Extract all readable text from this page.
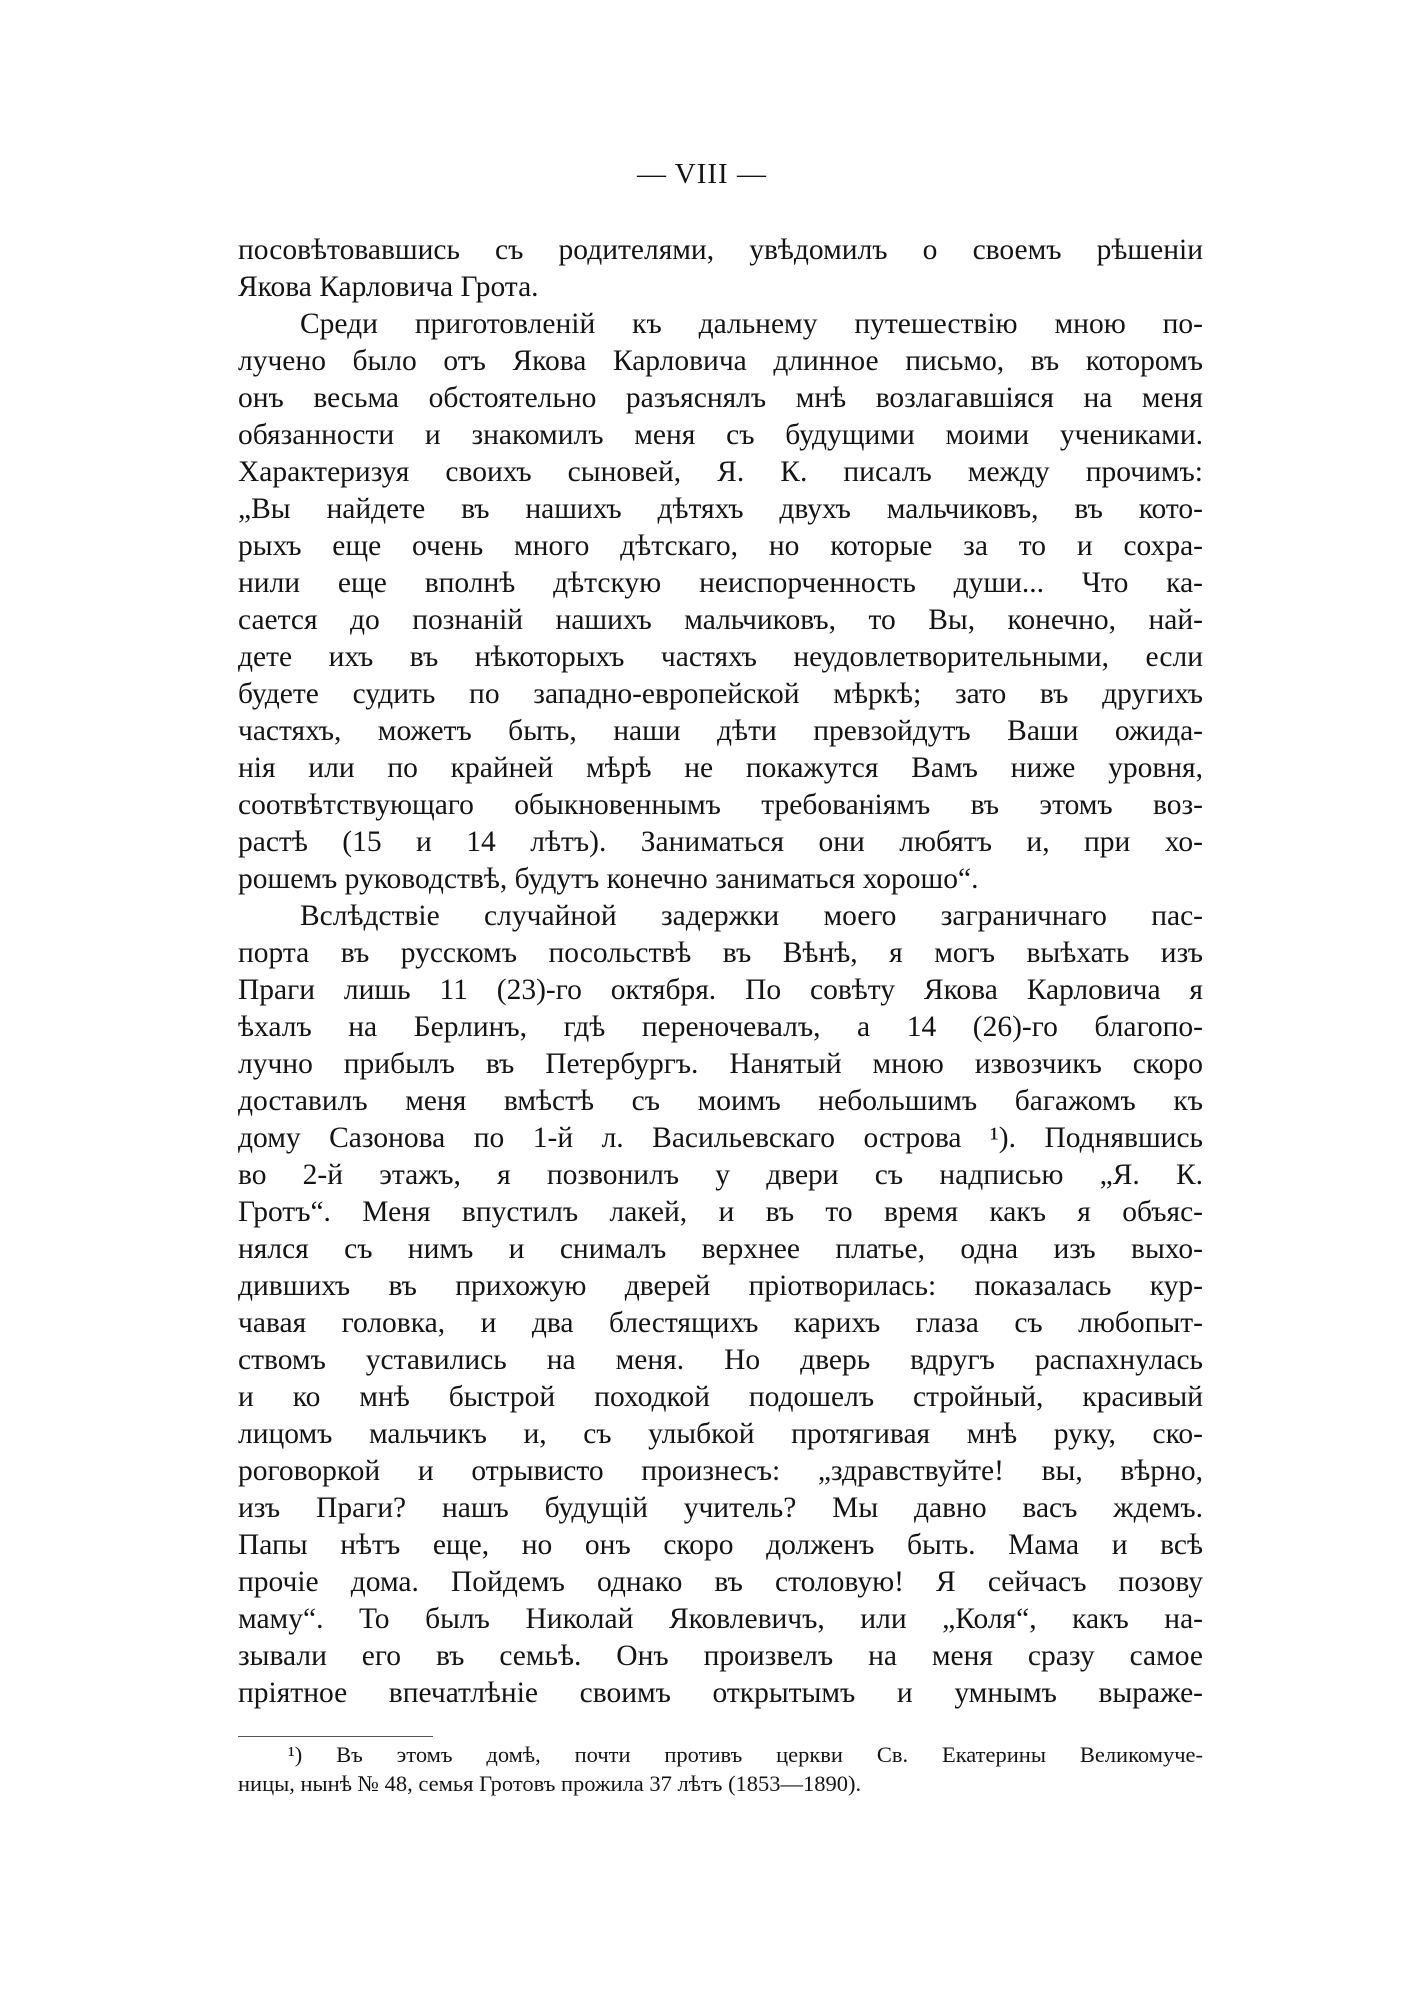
— VIII —
посовѣтовавшись съ родителями, увѣдомилъ о своемъ рѣшеніи
Якова Карловича Грота.
Среди приготовленій къ дальнему путешествію мною по-
лучено было отъ Якова Карловича длинное письмо, въ которомъ
онъ весьма обстоятельно разъяснялъ мнѣ возлагавшіяся на меня
обязанности и знакомилъ меня съ будущими моими учениками.
Характеризуя своихъ сыновей, Я. К. писалъ между прочимъ:
„Вы найдете въ нашихъ дѣтяхъ двухъ мальчиковъ, въ кото-
рыхъ еще очень много дѣтскаго, но которые за то и сохра-
нили еще вполнѣ дѣтскую неиспорченность души... Что ка-
сается до познаній нашихъ мальчиковъ, то Вы, конечно, най-
дете ихъ въ нѣкоторыхъ частяхъ неудовлетворительными, если
будете судить по западно-европейской мѣркѣ; зато въ другихъ
частяхъ, можетъ быть, наши дѣти превзойдутъ Ваши ожида-
нія или по крайней мѣрѣ не покажутся Вамъ ниже уровня,
соотвѣтствующаго обыкновеннымъ требованіямъ въ этомъ воз-
растѣ (15 и 14 лѣтъ). Заниматься они любятъ и, при хо-
рошемъ руководствѣ, будутъ конечно заниматься хорошо“.
Вслѣдствіе случайной задержки моего заграничнаго пас-
порта въ русскомъ посольствѣ въ Вѣнѣ, я могъ выѣхать изъ
Праги лишь 11 (23)-го октября. По совѣту Якова Карловича я
ѣхалъ на Берлинъ, гдѣ переночевалъ, а 14 (26)-го благопо-
лучно прибылъ въ Петербургъ. Нанятый мною извозчикъ скоро
доставилъ меня вмѣстѣ съ моимъ небольшимъ багажомъ къ
дому Сазонова по 1-й л. Васильевскаго острова ¹). Поднявшись
во 2-й этажъ, я позвонилъ у двери съ надписью „Я. К.
Гротъ“. Меня впустилъ лакей, и въ то время какъ я объяс-
нялся съ нимъ и снималъ верхнее платье, одна изъ выхо-
дившихъ въ прихожую дверей пріотворилась: показалась кур-
чавая головка, и два блестящихъ карихъ глаза съ любопыт-
ствомъ уставились на меня. Но дверь вдругъ распахнулась
и ко мнѣ быстрой походкой подошелъ стройный, красивый
лицомъ мальчикъ и, съ улыбкой протягивая мнѣ руку, ско-
роговоркой и отрывисто произнесъ: „здравствуйте! вы, вѣрно,
изъ Праги? нашъ будущій учитель? Мы давно васъ ждемъ.
Папы нѣтъ еще, но онъ скоро долженъ быть. Мама и всѣ
прочіе дома. Пойдемъ однако въ столовую! Я сейчасъ позову
маму“. То былъ Николай Яковлевичъ, или „Коля“, какъ на-
зывали его въ семьѣ. Онъ произвелъ на меня сразу самое
пріятное впечатлѣніе своимъ открытымъ и умнымъ выраже-
¹) Въ этомъ домѣ, почти противъ церкви Св. Екатерины Великомуче-
ницы, нынѣ № 48, семья Гротовъ прожила 37 лѣтъ (1853—1890).
